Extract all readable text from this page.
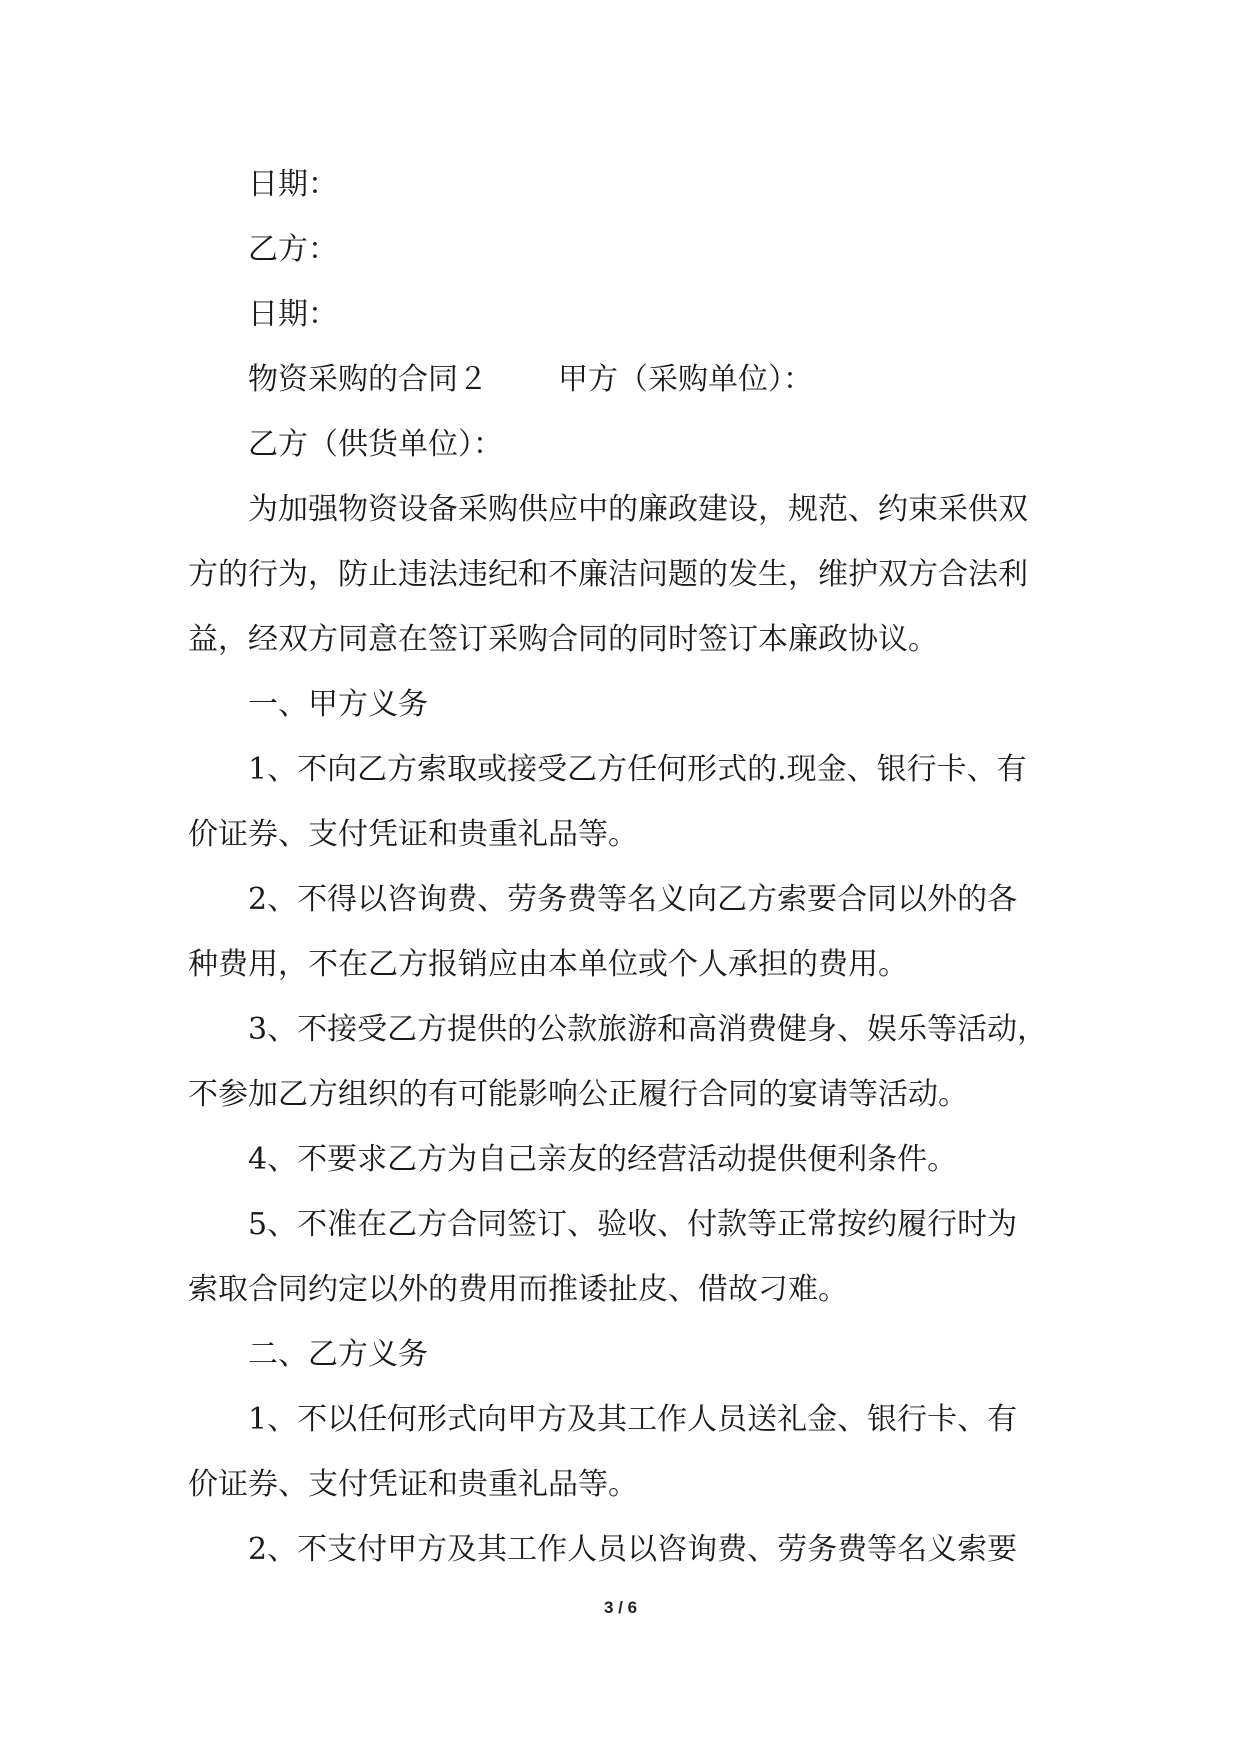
日期：
乙方：
日期：
物资采购的合同２ 甲方（采购单位）：
乙方（供货单位）：
为加强物资设备采购供应中的廉政建设，规范、约束采供双
方的行为，防止违法违纪和不廉洁问题的发生，维护双方合法利
益，经双方同意在签订采购合同的同时签订本廉政协议。
一、甲方义务
1、不向乙方索取或接受乙方任何形式的.现金、银行卡、有
价证券、支付凭证和贵重礼品等。
2、不得以咨询费、劳务费等名义向乙方索要合同以外的各
种费用，不在乙方报销应由本单位或个人承担的费用。
3、不接受乙方提供的公款旅游和高消费健身、娱乐等活动，
不参加乙方组织的有可能影响公正履行合同的宴请等活动。
4、不要求乙方为自己亲友的经营活动提供便利条件。
5、不准在乙方合同签订、验收、付款等正常按约履行时为
索取合同约定以外的费用而推诿扯皮、借故刁难。
二、乙方义务
1、不以任何形式向甲方及其工作人员送礼金、银行卡、有
价证券、支付凭证和贵重礼品等。
2、不支付甲方及其工作人员以咨询费、劳务费等名义索要
3 / 6
